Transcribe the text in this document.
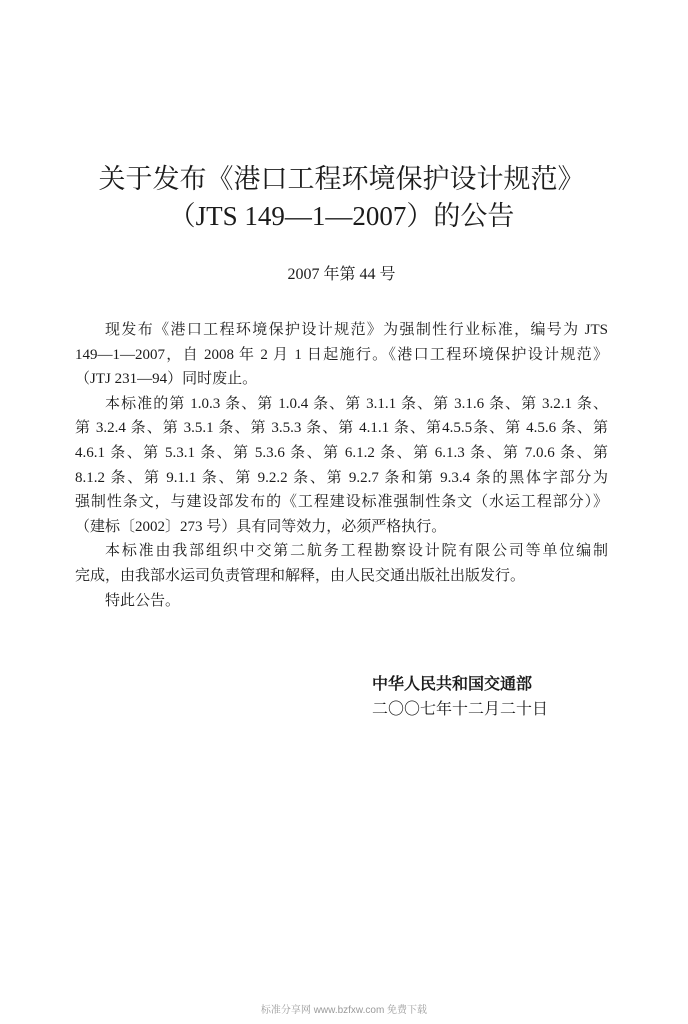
关于发布《港口工程环境保护设计规范》
（JTS 149—1—2007）的公告
2007 年第 44 号
现发布《港口工程环境保护设计规范》为强制性行业标准，编号为 JTS
149—1—2007，自 2008 年 2 月 1 日起施行。《港口工程环境保护设计规范》
（JTJ 231—94）同时废止。
本标准的第 1.0.3 条、第 1.0.4 条、第 3.1.1 条、第 3.1.6 条、第 3.2.1 条、
第 3.2.4 条、第 3.5.1 条、第 3.5.3 条、第 4.1.1 条、第4.5.5条、第 4.5.6 条、第
4.6.1 条、第 5.3.1 条、第 5.3.6 条、第 6.1.2 条、第 6.1.3 条、第 7.0.6 条、第
8.1.2 条、第 9.1.1 条、第 9.2.2 条、第 9.2.7 条和第 9.3.4 条的黑体字部分为
强制性条文，与建设部发布的《工程建设标准强制性条文（水运工程部分）》
（建标〔2002〕273 号）具有同等效力，必须严格执行。
本标准由我部组织中交第二航务工程勘察设计院有限公司等单位编制
完成，由我部水运司负责管理和解释，由人民交通出版社出版发行。
特此公告。
中华人民共和国交通部
二〇〇七年十二月二十日
标准分享网 www.bzfxw.com 免费下载
